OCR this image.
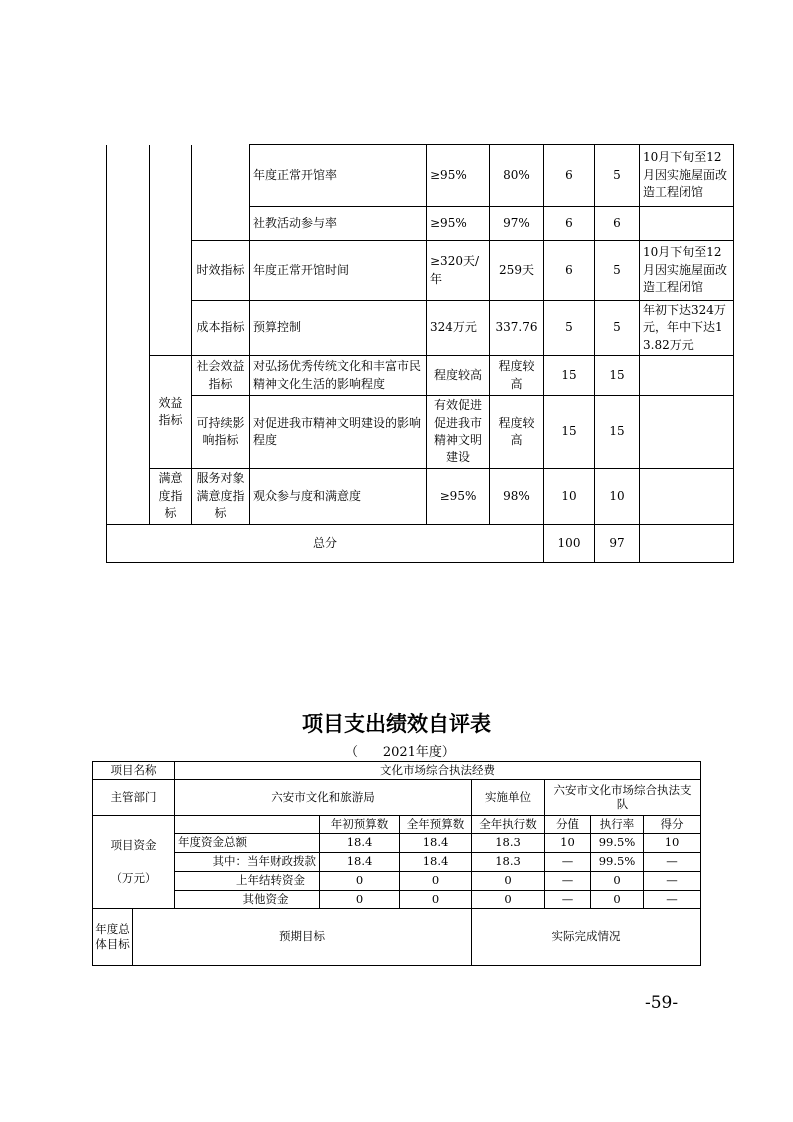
			年度正常开馆率	≥95%	80%	6	5	10月下旬至12月因实施屋面改造工程闭馆
			社教活动参与率	≥95%	97%	6	6	
		时效指标	年度正常开馆时间	≥320天/年	259天	6	5	10月下旬至12月因实施屋面改造工程闭馆
		成本指标	预算控制	324万元	337.76	5	5	年初下达324万元，年中下达13.82万元
	效益指标	社会效益指标	对弘扬优秀传统文化和丰富市民精神文化生活的影响程度	程度较高	程度较高	15	15	
		可持续影响指标	对促进我市精神文明建设的影响程度	有效促进促进我市精神文明建设	程度较高	15	15	
	满意度指标	服务对象满意度指标	观众参与度和满意度	≥95%	98%	10	10	
总分						100	97	
项目支出绩效自评表
（ 2021年度）
项目名称		文化市场综合执法经费						
主管部门		六安市文化和旅游局			实施单位	六安市文化市场综合执法支队		

项目资金
（万元）			年初预算数	全年预算数	全年执行数	分值	执行率	得分
		年度资金总额	18.4	18.4	18.3	10	99.5%	10
		其中：当年财政拨款	18.4	18.4	18.3	—	99.5%	—
		上年结转资金	0	0	0	—	0	—
		其他资金	0	0	0	—	0	—
年度总体目标	预期目标				实际完成情况			
-59-
